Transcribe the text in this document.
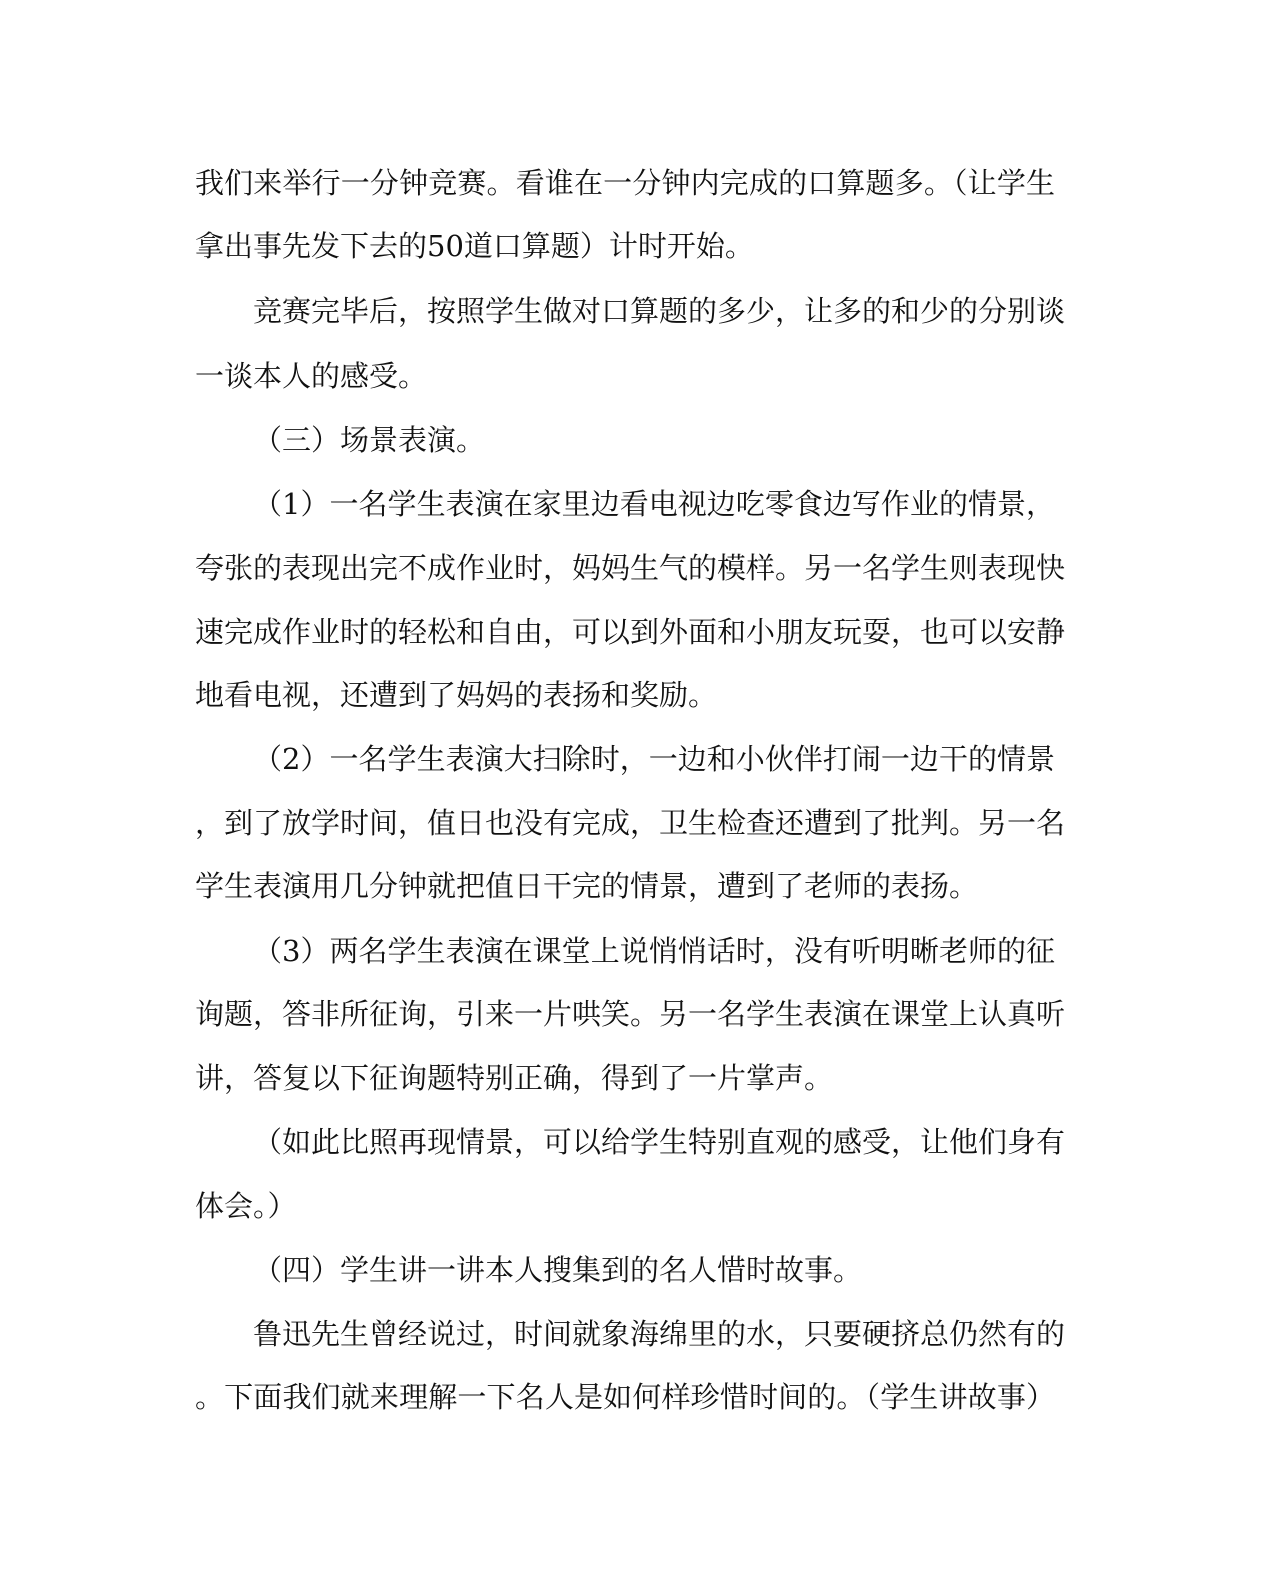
我们来举行一分钟竞赛。看谁在一分钟内完成的口算题多。（让学生
拿出事先发下去的50道口算题）计时开始。
竞赛完毕后，按照学生做对口算题的多少，让多的和少的分别谈
一谈本人的感受。
（三）场景表演。
（1）一名学生表演在家里边看电视边吃零食边写作业的情景，
夸张的表现出完不成作业时，妈妈生气的模样。另一名学生则表现快
速完成作业时的轻松和自由，可以到外面和小朋友玩耍，也可以安静
地看电视，还遭到了妈妈的表扬和奖励。
（2）一名学生表演大扫除时，一边和小伙伴打闹一边干的情景
，到了放学时间，值日也没有完成，卫生检查还遭到了批判。另一名
学生表演用几分钟就把值日干完的情景，遭到了老师的表扬。
（3）两名学生表演在课堂上说悄悄话时，没有听明晰老师的征
询题，答非所征询，引来一片哄笑。另一名学生表演在课堂上认真听
讲，答复以下征询题特别正确，得到了一片掌声。
（如此比照再现情景，可以给学生特别直观的感受，让他们身有
体会。）
（四）学生讲一讲本人搜集到的名人惜时故事。
鲁迅先生曾经说过，时间就象海绵里的水，只要硬挤总仍然有的
。下面我们就来理解一下名人是如何样珍惜时间的。（学生讲故事）
